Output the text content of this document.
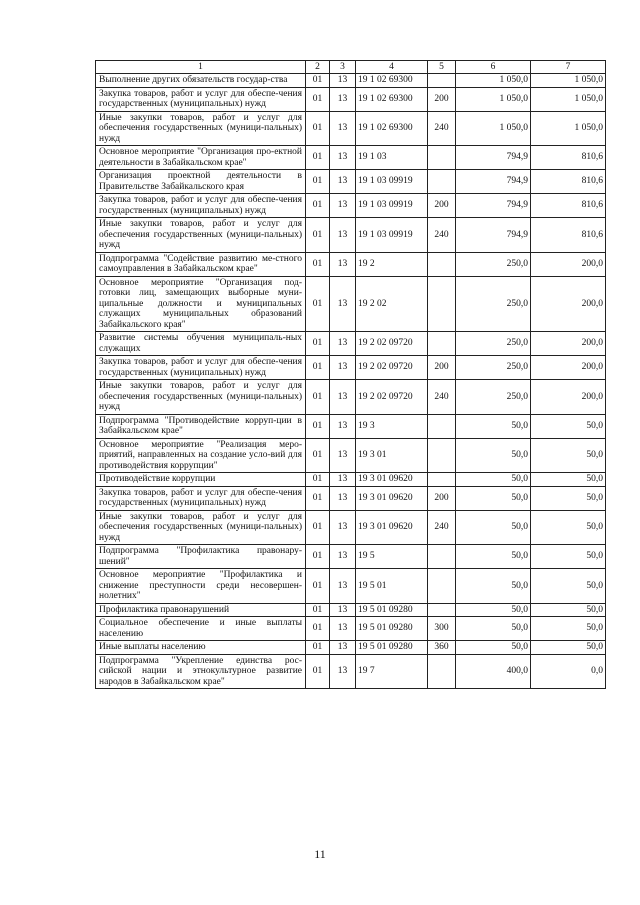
1	2	3	4	5	6	7
Выполнение других обязательств государ-ства	01	13	19 1 02 69300		1 050,0	1 050,0
Закупка товаров, работ и услуг для обеспе-чения государственных (муниципальных) нужд	01	13	19 1 02 69300	200	1 050,0	1 050,0
Иные закупки товаров, работ и услуг для обеспечения государственных (муници-пальных) нужд	01	13	19 1 02 69300	240	1 050,0	1 050,0
Основное мероприятие "Организация про-ектной деятельности в Забайкальском крае"	01	13	19 1 03		794,9	810,6
Организация проектной деятельности в Правительстве Забайкальского края	01	13	19 1 03 09919		794,9	810,6
Закупка товаров, работ и услуг для обеспе-чения государственных (муниципальных) нужд	01	13	19 1 03 09919	200	794,9	810,6
Иные закупки товаров, работ и услуг для обеспечения государственных (муници-пальных) нужд	01	13	19 1 03 09919	240	794,9	810,6
Подпрограмма "Содействие развитию ме-стного самоуправления в Забайкальском крае"	01	13	19 2		250,0	200,0
Основное мероприятие "Организация под-готовки лиц, замещающих выборные муни-ципальные должности и муниципальных служащих муниципальных образований Забайкальского края"	01	13	19 2 02		250,0	200,0
Развитие системы обучения муниципаль-ных служащих	01	13	19 2 02 09720		250,0	200,0
Закупка товаров, работ и услуг для обеспе-чения государственных (муниципальных) нужд	01	13	19 2 02 09720	200	250,0	200,0
Иные закупки товаров, работ и услуг для обеспечения государственных (муници-пальных) нужд	01	13	19 2 02 09720	240	250,0	200,0
Подпрограмма "Противодействие корруп-ции в Забайкальском крае"	01	13	19 3		50,0	50,0
Основное мероприятие "Реализация меро-приятий, направленных на создание усло-вий для противодействия коррупции"	01	13	19 3 01		50,0	50,0
Противодействие коррупции	01	13	19 3 01 09620		50,0	50,0
Закупка товаров, работ и услуг для обеспе-чения государственных (муниципальных) нужд	01	13	19 3 01 09620	200	50,0	50,0
Иные закупки товаров, работ и услуг для обеспечения государственных (муници-пальных) нужд	01	13	19 3 01 09620	240	50,0	50,0
Подпрограмма "Профилактика правонару-шений"	01	13	19 5		50,0	50,0
Основное мероприятие "Профилактика и снижение преступности среди несовершен-нолетних"	01	13	19 5 01		50,0	50,0
Профилактика правонарушений	01	13	19 5 01 09280		50,0	50,0
Социальное обеспечение и иные выплаты населению	01	13	19 5 01 09280	300	50,0	50,0
Иные выплаты населению	01	13	19 5 01 09280	360	50,0	50,0
Подпрограмма "Укрепление единства рос-сийской нации и этнокультурное развитие народов в Забайкальском крае"	01	13	19 7		400,0	0,0
11
